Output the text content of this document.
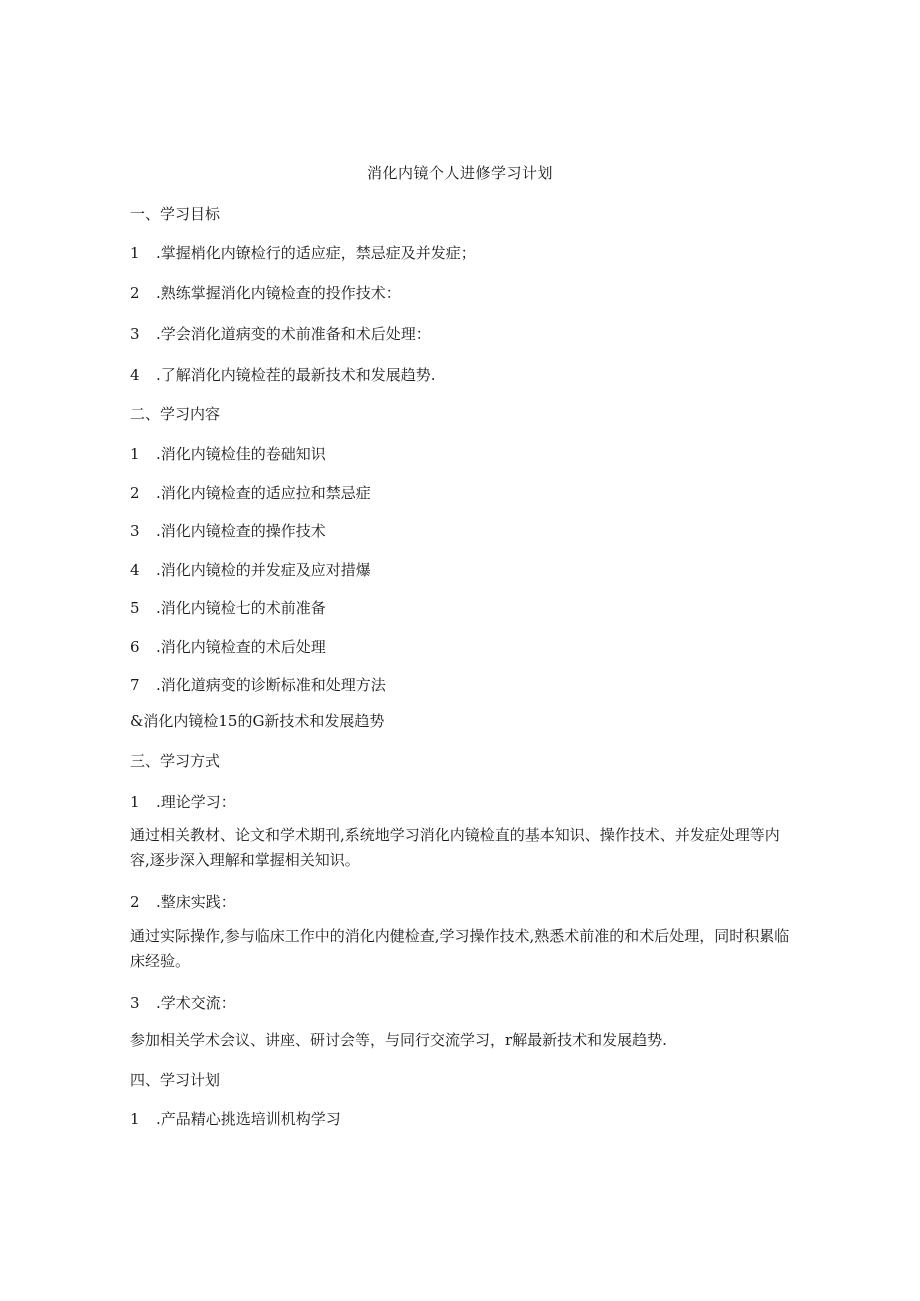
消化内镜个人进修学习计划
一、学习目标
1 .掌握梢化内镣检行的适应症，禁忌症及并发症；
2 .熟练掌握消化内镜检查的投作技术：
3 .学会消化道病变的术前准备和术后处理：
4 .了解消化内镜检茬的最新技术和发展趋势.
二、学习内容
1 .消化内镜检佳的卷础知识
2 .消化内镜检查的适应拉和禁忌症
3 .消化内镜检查的操作技术
4 .消化内镜检的并发症及应对措爆
5 .消化内镜检七的术前准备
6 .消化内镜检查的术后处理
7 .消化道病变的诊断标准和处理方法
&消化内镜检15的G新技术和发展趋势
三、学习方式
1 .理论学习：
通过相关教材、论文和学术期刊,系统地学习消化内镜检直的基本知识、操作技术、并发症处理等内容,逐步深入理解和掌握相关知识。
2 .整床实践：
通过实际操作,参与临床工作中的消化内健检查,学习操作技术,熟悉术前准的和术后处理，同时积累临床经验。
3 .学术交流：
参加相关学术会议、讲座、研讨会等，与同行交流学习，r解最新技术和发展趋势.
四、学习计划
1 .产品精心挑选培训机构学习
